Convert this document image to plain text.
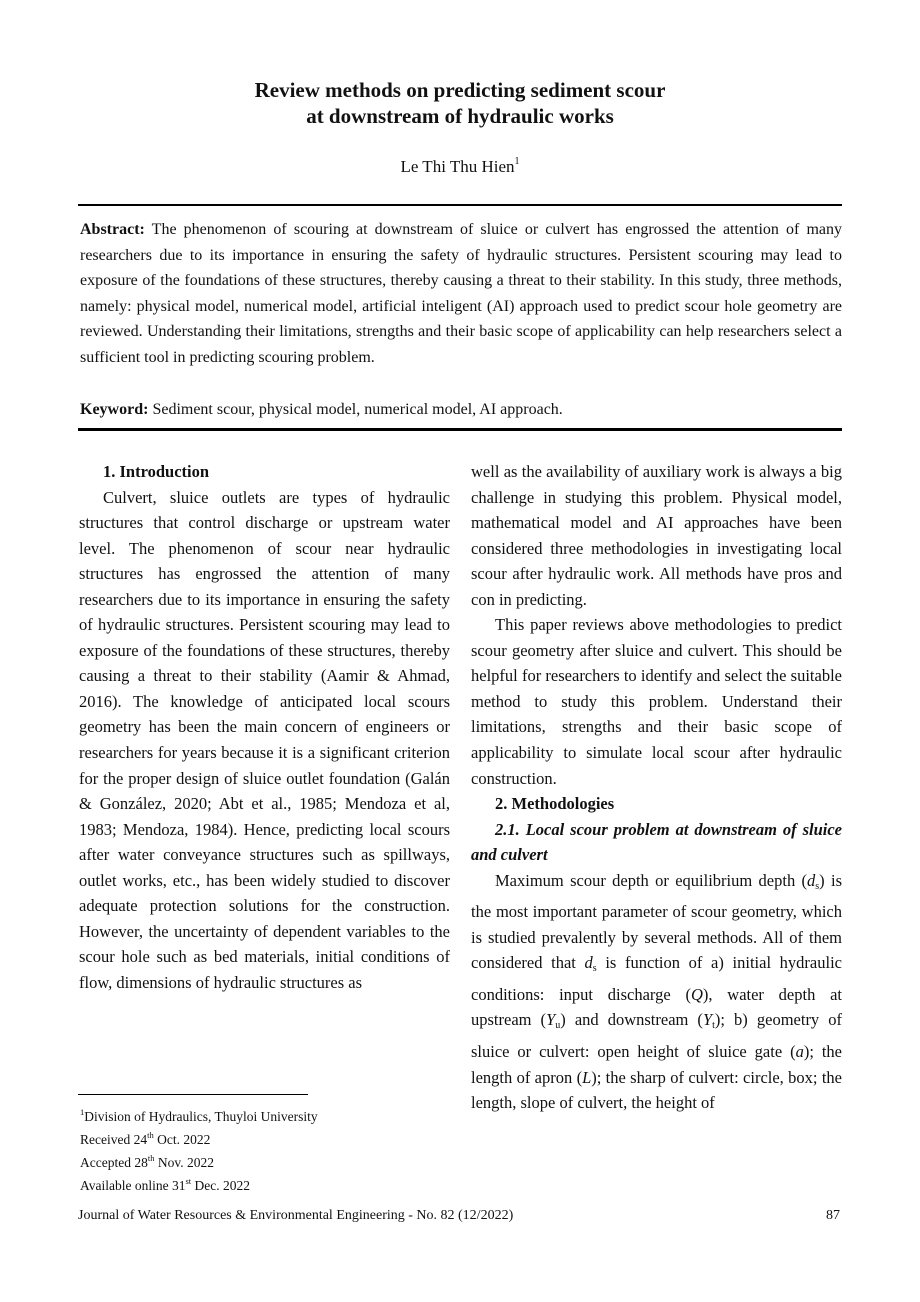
Review methods on predicting sediment scour
at downstream of hydraulic works
Le Thi Thu Hien$^1$
Abstract: The phenomenon of scouring at downstream of sluice or culvert has engrossed the attention of many researchers due to its importance in ensuring the safety of hydraulic structures. Persistent scouring may lead to exposure of the foundations of these structures, thereby causing a threat to their stability. In this study, three methods, namely: physical model, numerical model, artificial inteligent (AI) approach used to predict scour hole geometry are reviewed. Understanding their limitations, strengths and their basic scope of applicability can help researchers select a sufficient tool in predicting scouring problem.
Keyword: Sediment scour, physical model, numerical model, AI approach.
1. Introduction

Culvert, sluice outlets are types of hydraulic structures that control discharge or upstream water level. The phenomenon of scour near hydraulic structures has engrossed the attention of many researchers due to its importance in ensuring the safety of hydraulic structures. Persistent scouring may lead to exposure of the foundations of these structures, thereby causing a threat to their stability (Aamir & Ahmad, 2016). The knowledge of anticipated local scours geometry has been the main concern of engineers or researchers for years because it is a significant criterion for the proper design of sluice outlet foundation (Galán & González, 2020; Abt et al., 1985; Mendoza et al, 1983; Mendoza, 1984). Hence, predicting local scours after water conveyance structures such as spillways, outlet works, etc., has been widely studied to discover adequate protection solutions for the construction. However, the uncertainty of dependent variables to the scour hole such as bed materials, initial conditions of flow, dimensions of hydraulic structures as

well as the availability of auxiliary work is always a big challenge in studying this problem. Physical model, mathematical model and AI approaches have been considered three methodologies in investigating local scour after hydraulic work. All methods have pros and con in predicting.

This paper reviews above methodologies to predict scour geometry after sluice and culvert. This should be helpful for researchers to identify and select the suitable method to study this problem. Understand their limitations, strengths and their basic scope of applicability to simulate local scour after hydraulic construction.

2. Methodologies
2.1. Local scour problem at downstream of sluice and culvert

Maximum scour depth or equilibrium depth $(d_s)$ is the most important parameter of scour geometry, which is studied prevalently by several methods. All of them considered that $d_s$ is function of a) initial hydraulic conditions: input discharge (Q), water depth at upstream $(Y_u)$ and downstream $(Y_t)$; b) geometry of sluice or culvert: open height of sluice gate (a); the length of apron (L); the sharp of culvert: circle, box; the length, slope of culvert, the height of

$^1$Division of Hydraulics, Thuyloi University
Received 24th Oct. 2022
Accepted 28th Nov. 2022
Available online 31st Dec. 2022
Journal of Water Resources & Environmental Engineering - No. 82 (12/2022)	87
